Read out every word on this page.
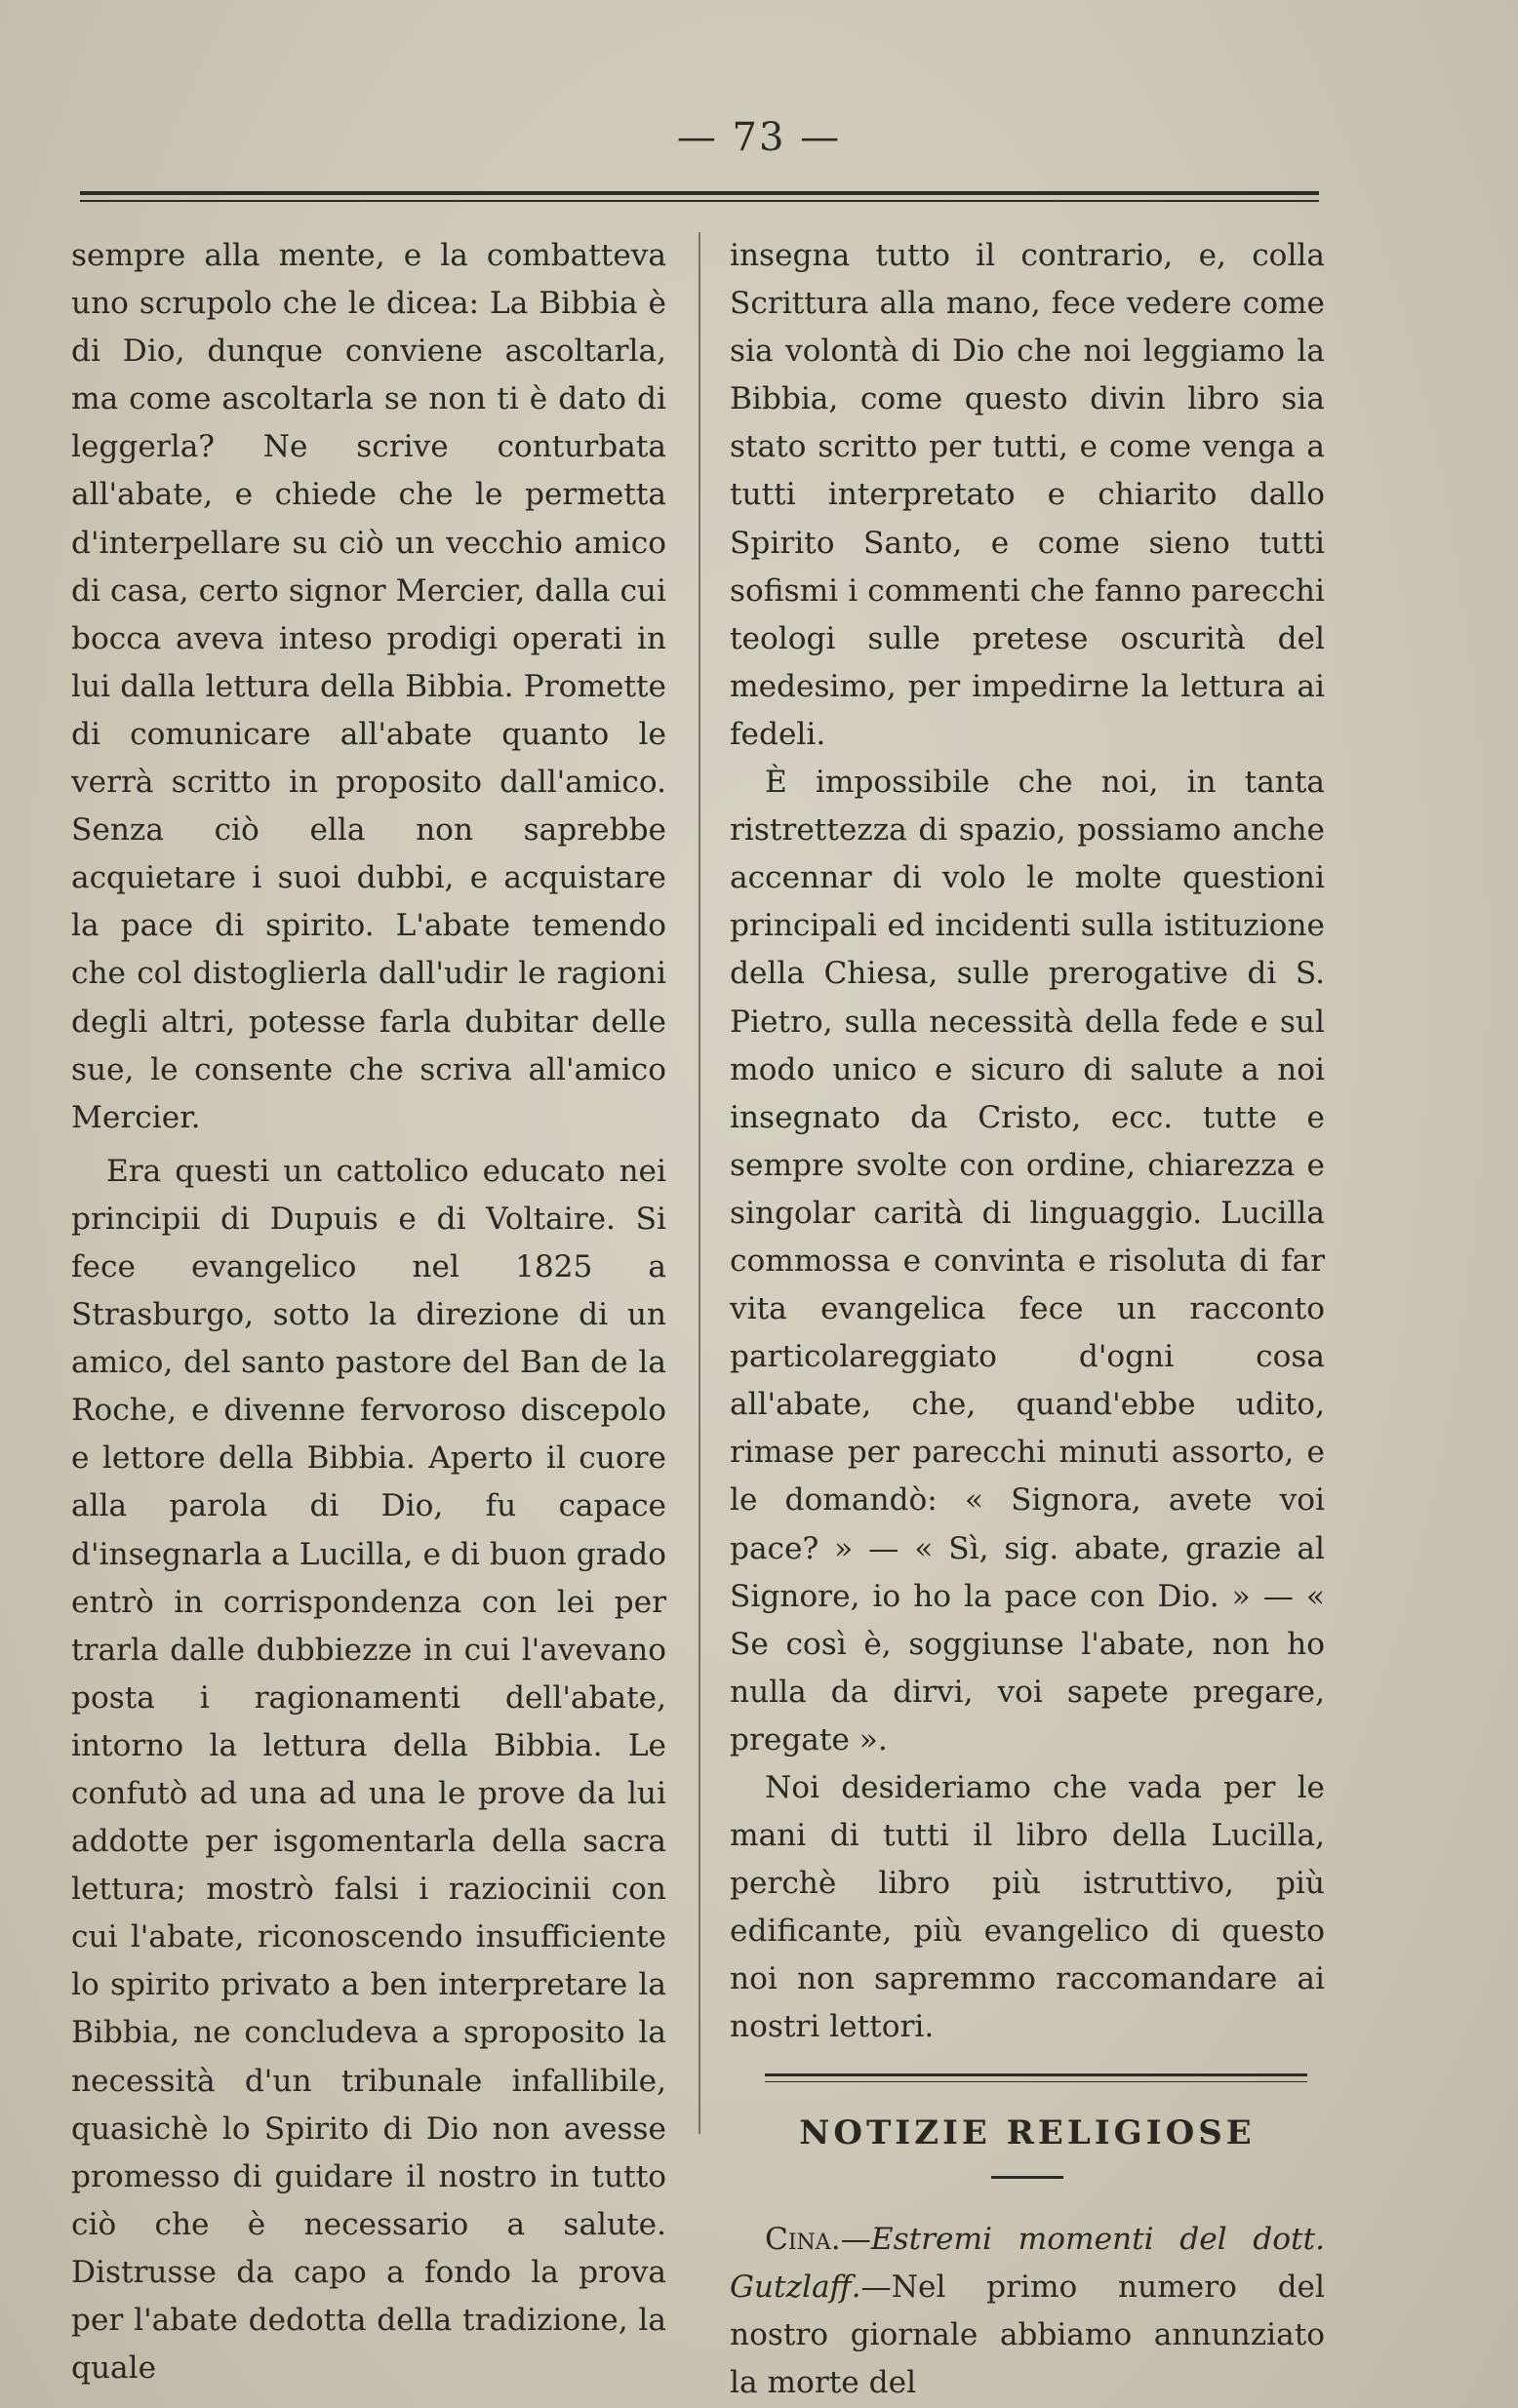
— 73 —

sempre alla mente, e la combatteva uno scrupolo che le dicea: La Bibbia è di Dio, dunque conviene ascoltarla, ma come ascoltarla se non ti è dato di leggerla? Ne scrive conturbata all'abate, e chiede che le permetta d'interpellare su ciò un vecchio amico di casa, certo signor Mercier, dalla cui bocca aveva inteso prodigi operati in lui dalla lettura della Bibbia. Promette di comunicare all'abate quanto le verrà scritto in proposito dall'amico. Senza ciò ella non saprebbe acquietare i suoi dubbi, e acquistare la pace di spirito. L'abate temendo che col distoglierla dall'udir le ragioni degli altri, potesse farla dubitar delle sue, le consente che scriva all'amico Mercier.

Era questi un cattolico educato nei principii di Dupuis e di Voltaire. Si fece evangelico nel 1825 a Strasburgo, sotto la direzione di un amico, del santo pastore del Ban de la Roche, e divenne fervoroso discepolo e lettore della Bibbia. Aperto il cuore alla parola di Dio, fu capace d'insegnarla a Lucilla, e di buon grado entrò in corrispondenza con lei per trarla dalle dubbiezze in cui l'avevano posta i ragionamenti dell'abate, intorno la lettura della Bibbia. Le confutò ad una ad una le prove da lui addotte per isgomentarla della sacra lettura; mostrò falsi i raziocinii con cui l'abate, riconoscendo insufficiente lo spirito privato a ben interpretare la Bibbia, ne concludeva a sproposito la necessità d'un tribunale infallibile, quasichè lo Spirito di Dio non avesse promesso di guidare il nostro in tutto ciò che è necessario a salute. Distrusse da capo a fondo la prova per l'abate dedotta della tradizione, la quale

insegna tutto il contrario, e, colla Scrittura alla mano, fece vedere come sia volontà di Dio che noi leggiamo la Bibbia, come questo divin libro sia stato scritto per tutti, e come venga a tutti interpretato e chiarito dallo Spirito Santo, e come sieno tutti sofismi i commenti che fanno parecchi teologi sulle pretese oscurità del medesimo, per impedirne la lettura ai fedeli.

È impossibile che noi, in tanta ristrettezza di spazio, possiamo anche accennar di volo le molte questioni principali ed incidenti sulla istituzione della Chiesa, sulle prerogative di S. Pietro, sulla necessità della fede e sul modo unico e sicuro di salute a noi insegnato da Cristo, ecc. tutte e sempre svolte con ordine, chiarezza e singolar carità di linguaggio. Lucilla commossa e convinta e risoluta di far vita evangelica fece un racconto particolareggiato d'ogni cosa all'abate, che, quand'ebbe udito, rimase per parecchi minuti assorto, e le domandò: « Signora, avete voi pace? » — « Sì, sig. abate, grazie al Signore, io ho la pace con Dio. » — « Se così è, soggiunse l'abate, non ho nulla da dirvi, voi sapete pregare, pregate ».

Noi desideriamo che vada per le mani di tutti il libro della Lucilla, perchè libro più istruttivo, più edificante, più evangelico di questo noi non sapremmo raccomandare ai nostri lettori.

NOTIZIE RELIGIOSE

Cina.—Estremi momenti del dott. Gutzlaff.—Nel primo numero del nostro giornale abbiamo annunziato la morte del
